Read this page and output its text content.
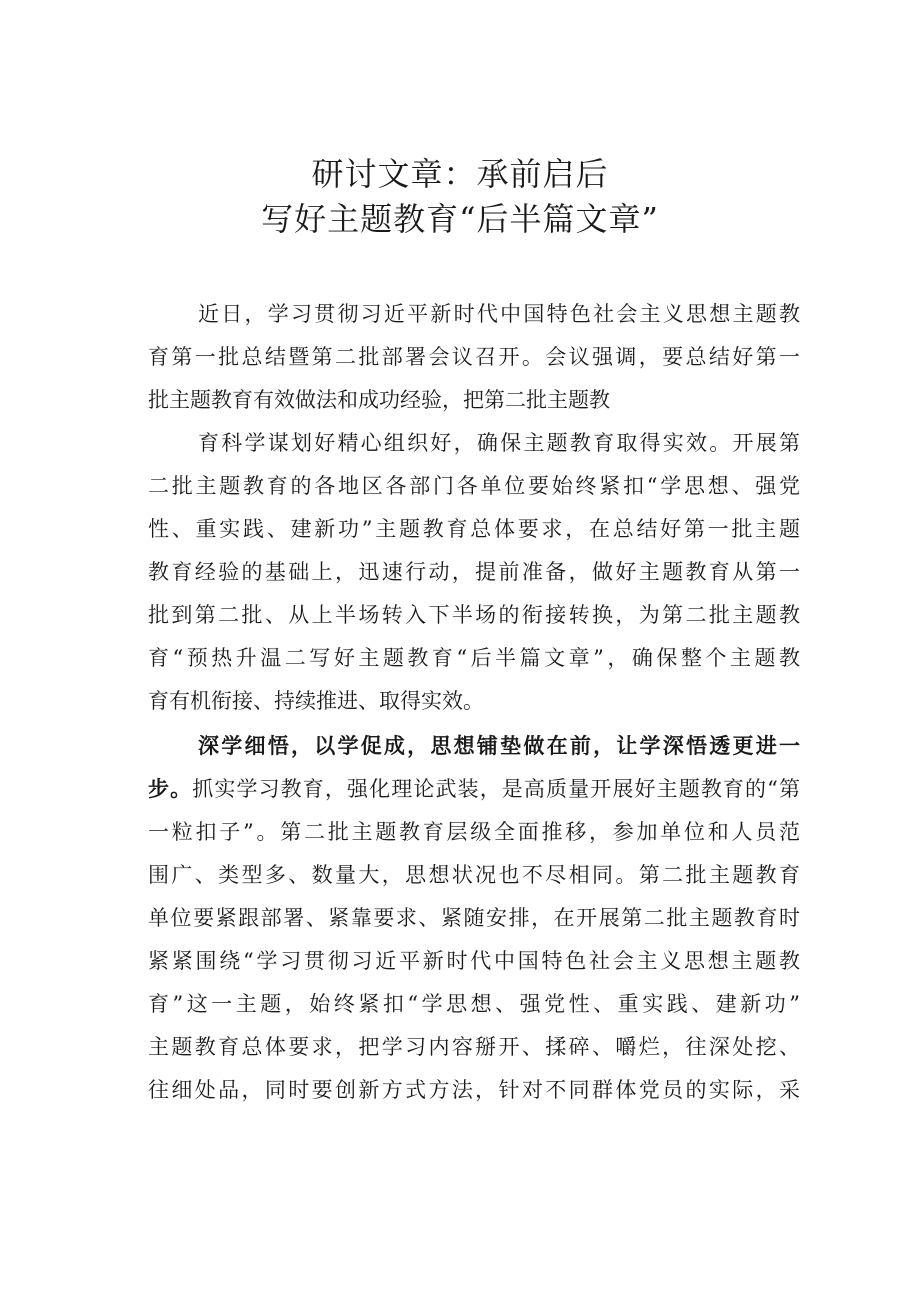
研讨文章：承前启后
写好主题教育“后半篇文章”
近日，学习贯彻习近平新时代中国特色社会主义思想主题教
育第一批总结暨第二批部署会议召开。会议强调，要总结好第一
批主题教育有效做法和成功经验，把第二批主题教
育科学谋划好精心组织好，确保主题教育取得实效。开展第
二批主题教育的各地区各部门各单位要始终紧扣“学思想、强党
性、重实践、建新功”主题教育总体要求，在总结好第一批主题
教育经验的基础上，迅速行动，提前准备，做好主题教育从第一
批到第二批、从上半场转入下半场的衔接转换，为第二批主题教
育“预热升温二写好主题教育“后半篇文章”，确保整个主题教
育有机衔接、持续推进、取得实效。
深学细悟，以学促成，思想铺垫做在前，让学深悟透更进一
步。抓实学习教育，强化理论武装，是高质量开展好主题教育的“第
一粒扣子”。第二批主题教育层级全面推移，参加单位和人员范
围广、类型多、数量大，思想状况也不尽相同。第二批主题教育
单位要紧跟部署、紧靠要求、紧随安排，在开展第二批主题教育时
紧紧围绕“学习贯彻习近平新时代中国特色社会主义思想主题教
育”这一主题，始终紧扣“学思想、强党性、重实践、建新功”
主题教育总体要求，把学习内容掰开、揉碎、嚼烂，往深处挖、
往细处品，同时要创新方式方法，针对不同群体党员的实际，采
